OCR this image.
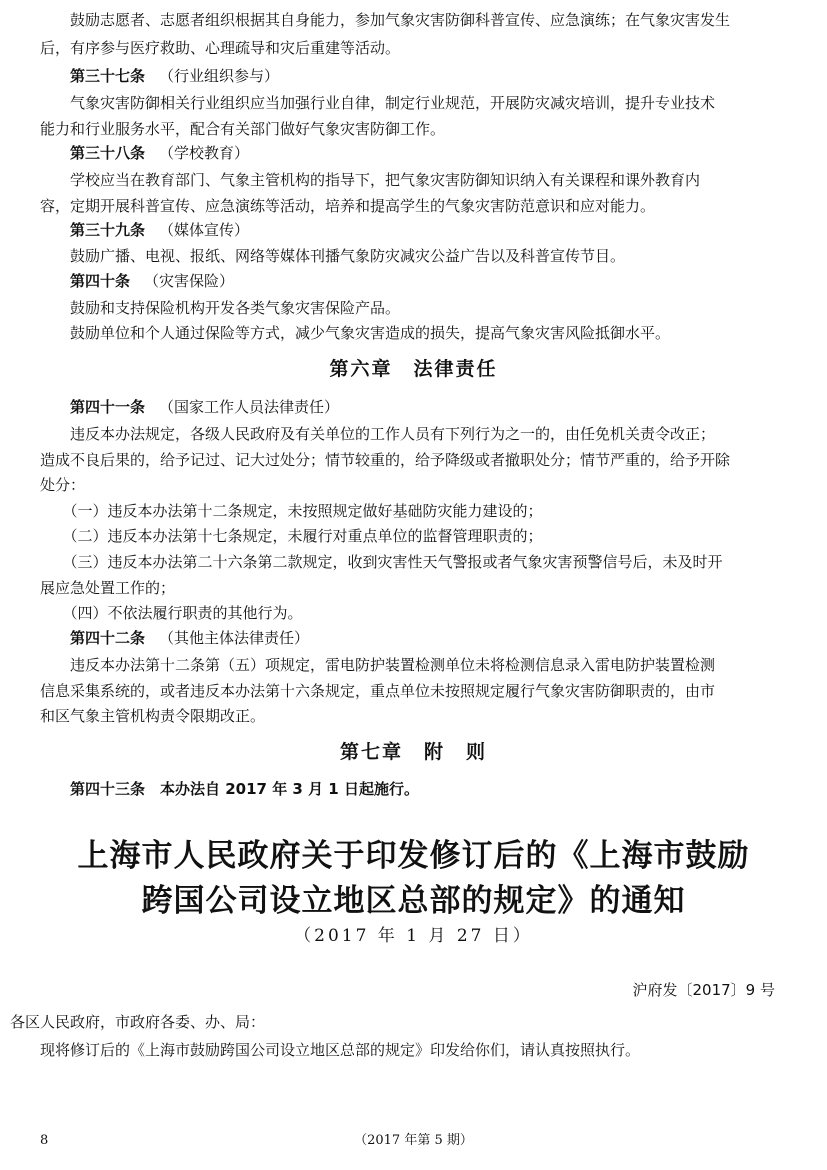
　　鼓励志愿者、志愿者组织根据其自身能力，参加气象灾害防御科普宣传、应急演练；在气象灾害发生
后，有序参与医疗救助、心理疏导和灾后重建等活动。
第三十七条 （行业组织参与）
　　气象灾害防御相关行业组织应当加强行业自律，制定行业规范，开展防灾减灾培训，提升专业技术
能力和行业服务水平，配合有关部门做好气象灾害防御工作。
第三十八条 （学校教育）
　　学校应当在教育部门、气象主管机构的指导下，把气象灾害防御知识纳入有关课程和课外教育内
容，定期开展科普宣传、应急演练等活动，培养和提高学生的气象灾害防范意识和应对能力。
第三十九条 （媒体宣传）
　　鼓励广播、电视、报纸、网络等媒体刊播气象防灾减灾公益广告以及科普宣传节目。
第四十条 （灾害保险）
　　鼓励和支持保险机构开发各类气象灾害保险产品。
　　鼓励单位和个人通过保险等方式，减少气象灾害造成的损失，提高气象灾害风险抵御水平。
第六章　法律责任
第四十一条 （国家工作人员法律责任）
　　违反本办法规定，各级人民政府及有关单位的工作人员有下列行为之一的，由任免机关责令改正；
造成不良后果的，给予记过、记大过处分；情节较重的，给予降级或者撤职处分；情节严重的，给予开除
处分：
　　（一）违反本办法第十二条规定，未按照规定做好基础防灾能力建设的；
　　（二）违反本办法第十七条规定，未履行对重点单位的监督管理职责的；
　　（三）违反本办法第二十六条第二款规定，收到灾害性天气警报或者气象灾害预警信号后，未及时开
展应急处置工作的；
　　（四）不依法履行职责的其他行为。
第四十二条 （其他主体法律责任）
　　违反本办法第十二条第（五）项规定，雷电防护装置检测单位未将检测信息录入雷电防护装置检测
信息采集系统的，或者违反本办法第十六条规定，重点单位未按照规定履行气象灾害防御职责的，由市
和区气象主管机构责令限期改正。
第七章　附　则
第四十三条　本办法自 2017 年 3 月 1 日起施行。
上海市人民政府关于印发修订后的《上海市鼓励
跨国公司设立地区总部的规定》的通知
（2017 年 1 月 27 日）
沪府发〔2017〕9 号
各区人民政府，市政府各委、办、局：
　　现将修订后的《上海市鼓励跨国公司设立地区总部的规定》印发给你们，请认真按照执行。
8	（2017 年第 5 期）
